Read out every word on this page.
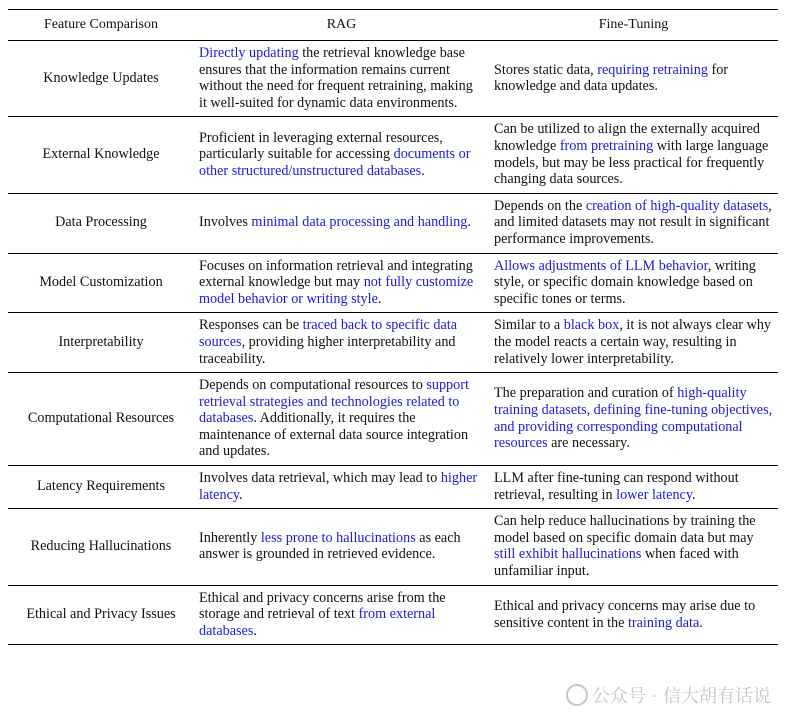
Feature Comparison	RAG	Fine-Tuning
Knowledge Updates	Directly updating the retrieval knowledge base ensures that the information remains current without the need for frequent retraining, making it well-suited for dynamic data environments.	Stores static data, requiring retraining for knowledge and data updates.
External Knowledge	Proficient in leveraging external resources, particularly suitable for accessing documents or other structured/unstructured databases.	Can be utilized to align the externally acquired knowledge from pretraining with large language models, but may be less practical for frequently changing data sources.
Data Processing	Involves minimal data processing and handling.	Depends on the creation of high-quality datasets, and limited datasets may not result in significant performance improvements.
Model Customization	Focuses on information retrieval and integrating external knowledge but may not fully customize model behavior or writing style.	Allows adjustments of LLM behavior, writing style, or specific domain knowledge based on specific tones or terms.
Interpretability	Responses can be traced back to specific data sources, providing higher interpretability and traceability.	Similar to a black box, it is not always clear why the model reacts a certain way, resulting in relatively lower interpretability.
Computational Resources	Depends on computational resources to support retrieval strategies and technologies related to databases. Additionally, it requires the maintenance of external data source integration and updates.	The preparation and curation of high-quality training datasets, defining fine-tuning objectives, and providing corresponding computational resources are necessary.
Latency Requirements	Involves data retrieval, which may lead to higher latency.	LLM after fine-tuning can respond without retrieval, resulting in lower latency.
Reducing Hallucinations	Inherently less prone to hallucinations as each answer is grounded in retrieved evidence.	Can help reduce hallucinations by training the model based on specific domain data but may still exhibit hallucinations when faced with unfamiliar input.
Ethical and Privacy Issues	Ethical and privacy concerns arise from the storage and retrieval of text from external databases.	Ethical and privacy concerns may arise due to sensitive content in the training data.
公众号 · 信大胡有话说
